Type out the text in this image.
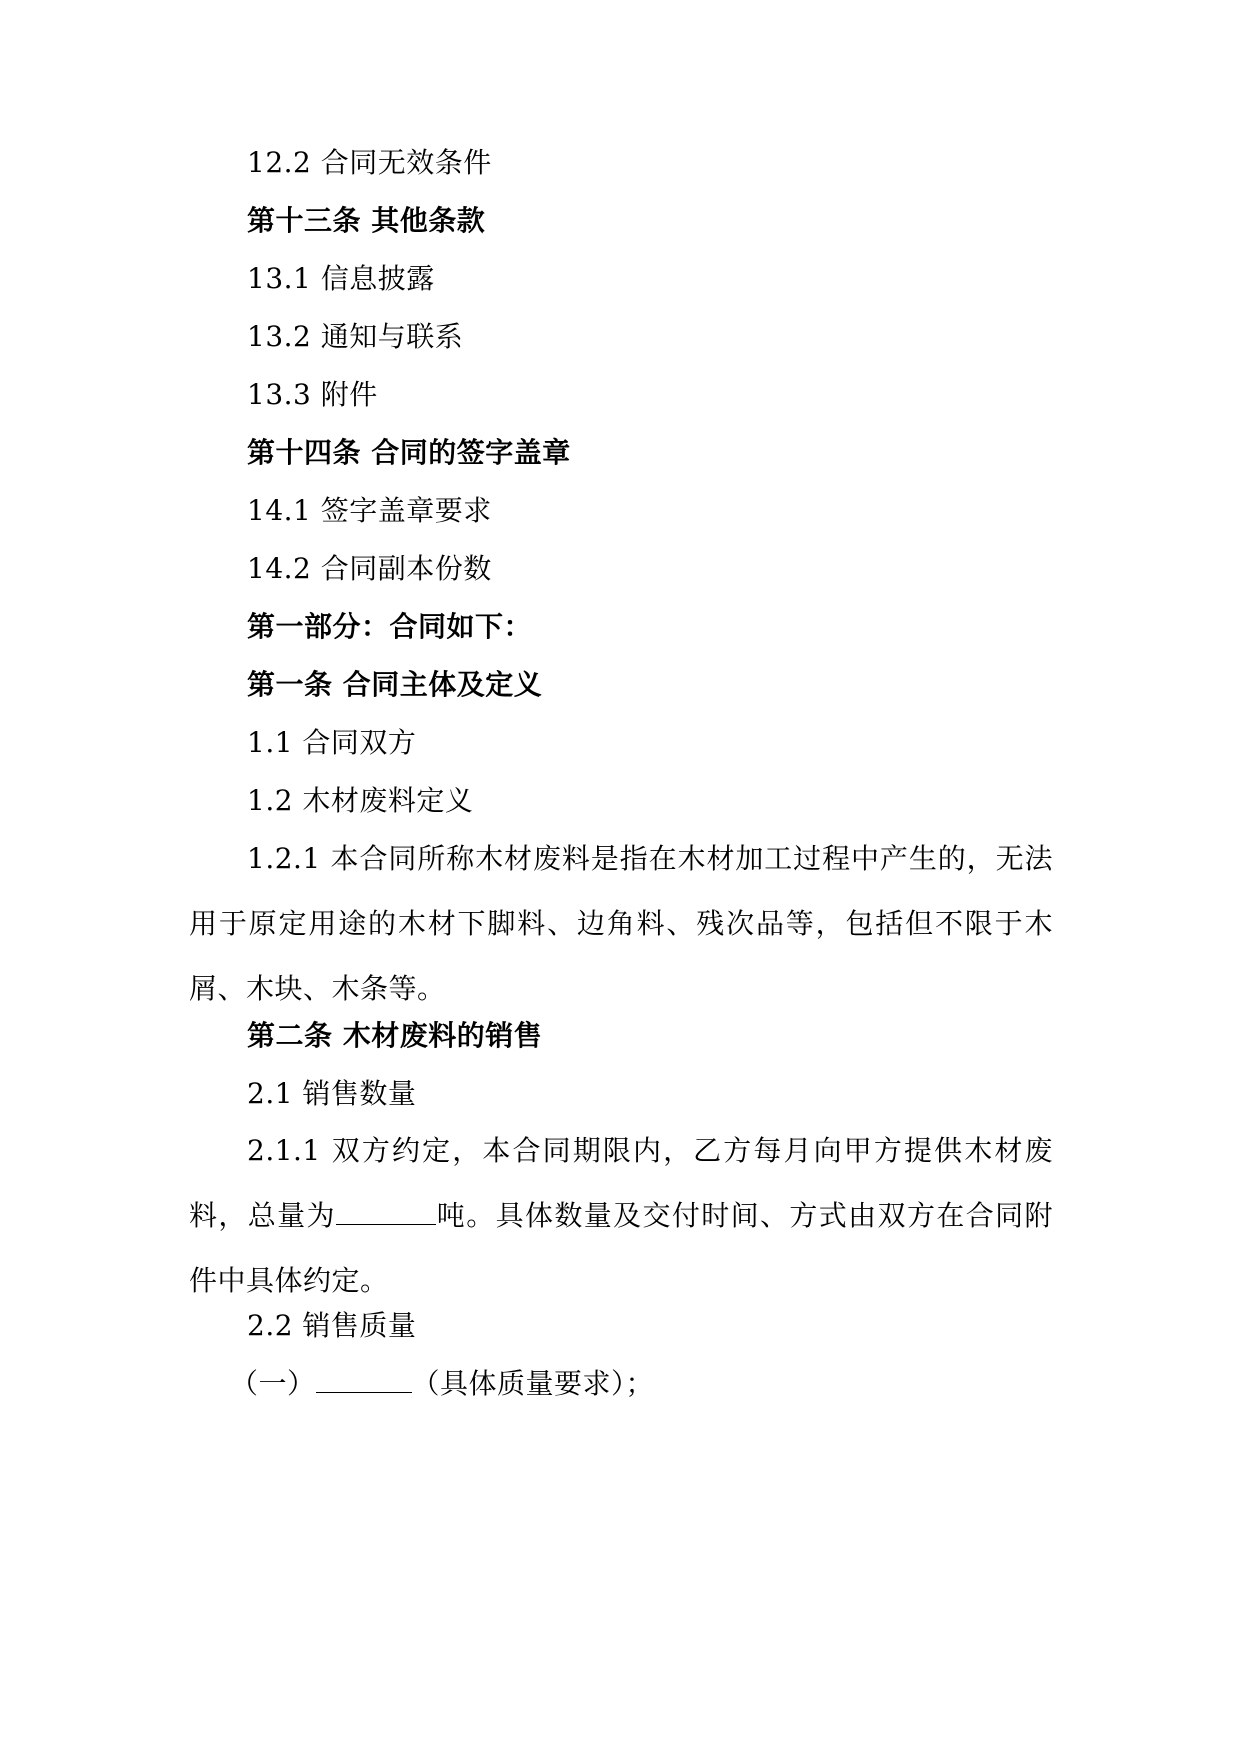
12.2 合同无效条件
第十三条 其他条款
13.1 信息披露
13.2 通知与联系
13.3 附件
第十四条 合同的签字盖章
14.1 签字盖章要求
14.2 合同副本份数
第一部分：合同如下：
第一条 合同主体及定义
1.1 合同双方
1.2 木材废料定义
1.2.1 本合同所称木材废料是指在木材加工过程中产生的，无法用于原定用途的木材下脚料、边角料、残次品等，包括但不限于木屑、木块、木条等。
第二条 木材废料的销售
2.1 销售数量
2.1.1 双方约定，本合同期限内，乙方每月向甲方提供木材废料，总量为	吨。具体数量及交付时间、方式由双方在合同附件中具体约定。
2.2 销售质量
（一）	（具体质量要求）；
